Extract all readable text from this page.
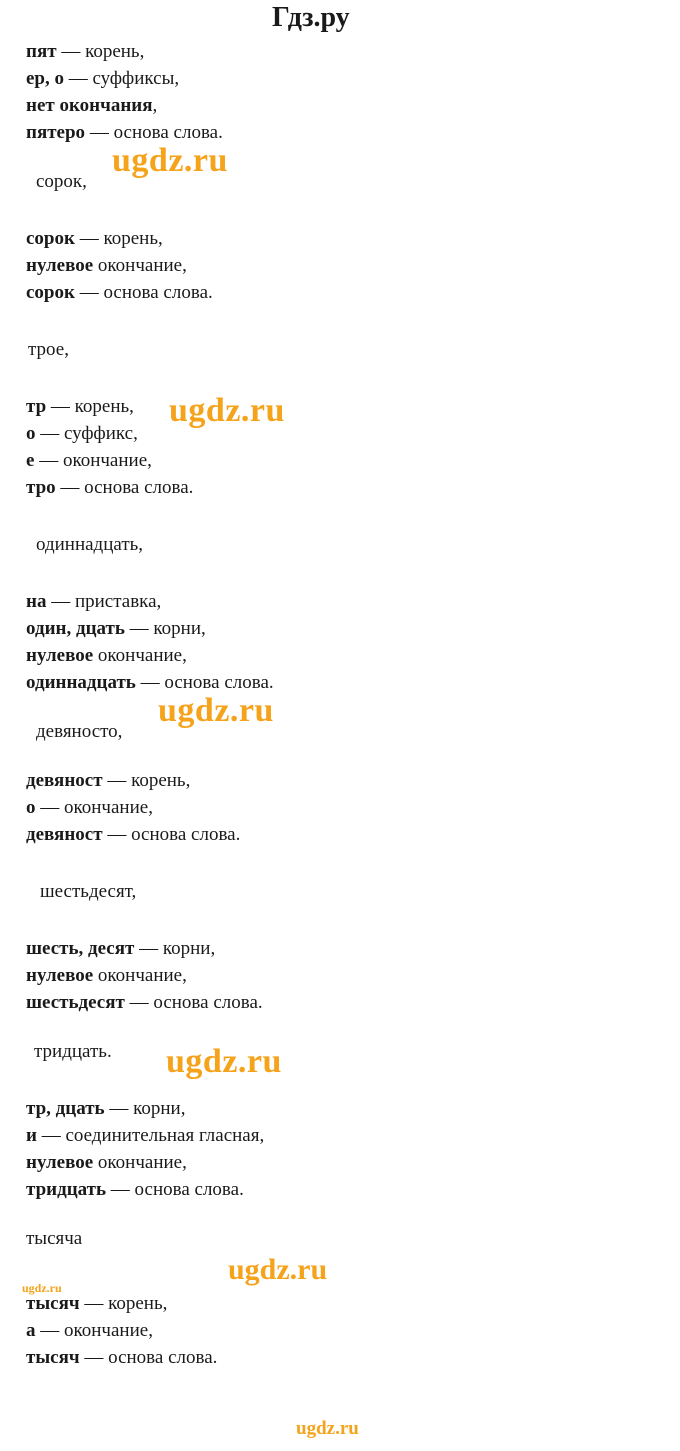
Гдз.ру
пят — корень,
ер, о — суффиксы,
нет окончания,
пятеро — основа слова.
сорок,
сорок — корень,
нулевое окончание,
сорок — основа слова.
трое,
тр — корень,
о — суффикс,
е — окончание,
тро — основа слова.
одиннадцать,
на — приставка,
один, дцать — корни,
нулевое окончание,
одиннадцать — основа слова.
девяносто,
девяност — корень,
о — окончание,
девяност — основа слова.
шестьдесят,
шесть, десят — корни,
нулевое окончание,
шестьдесят — основа слова.
тридцать.
тр, дцать — корни,
и — соединительная гласная,
нулевое окончание,
тридцать — основа слова.
тысяча
тысяч — корень,
а — окончание,
тысяч — основа слова.
ugdz.ru
ugdz.ru
ugdz.ru
ugdz.ru
ugdz.ru
ugdz.ru
ugdz.ru
